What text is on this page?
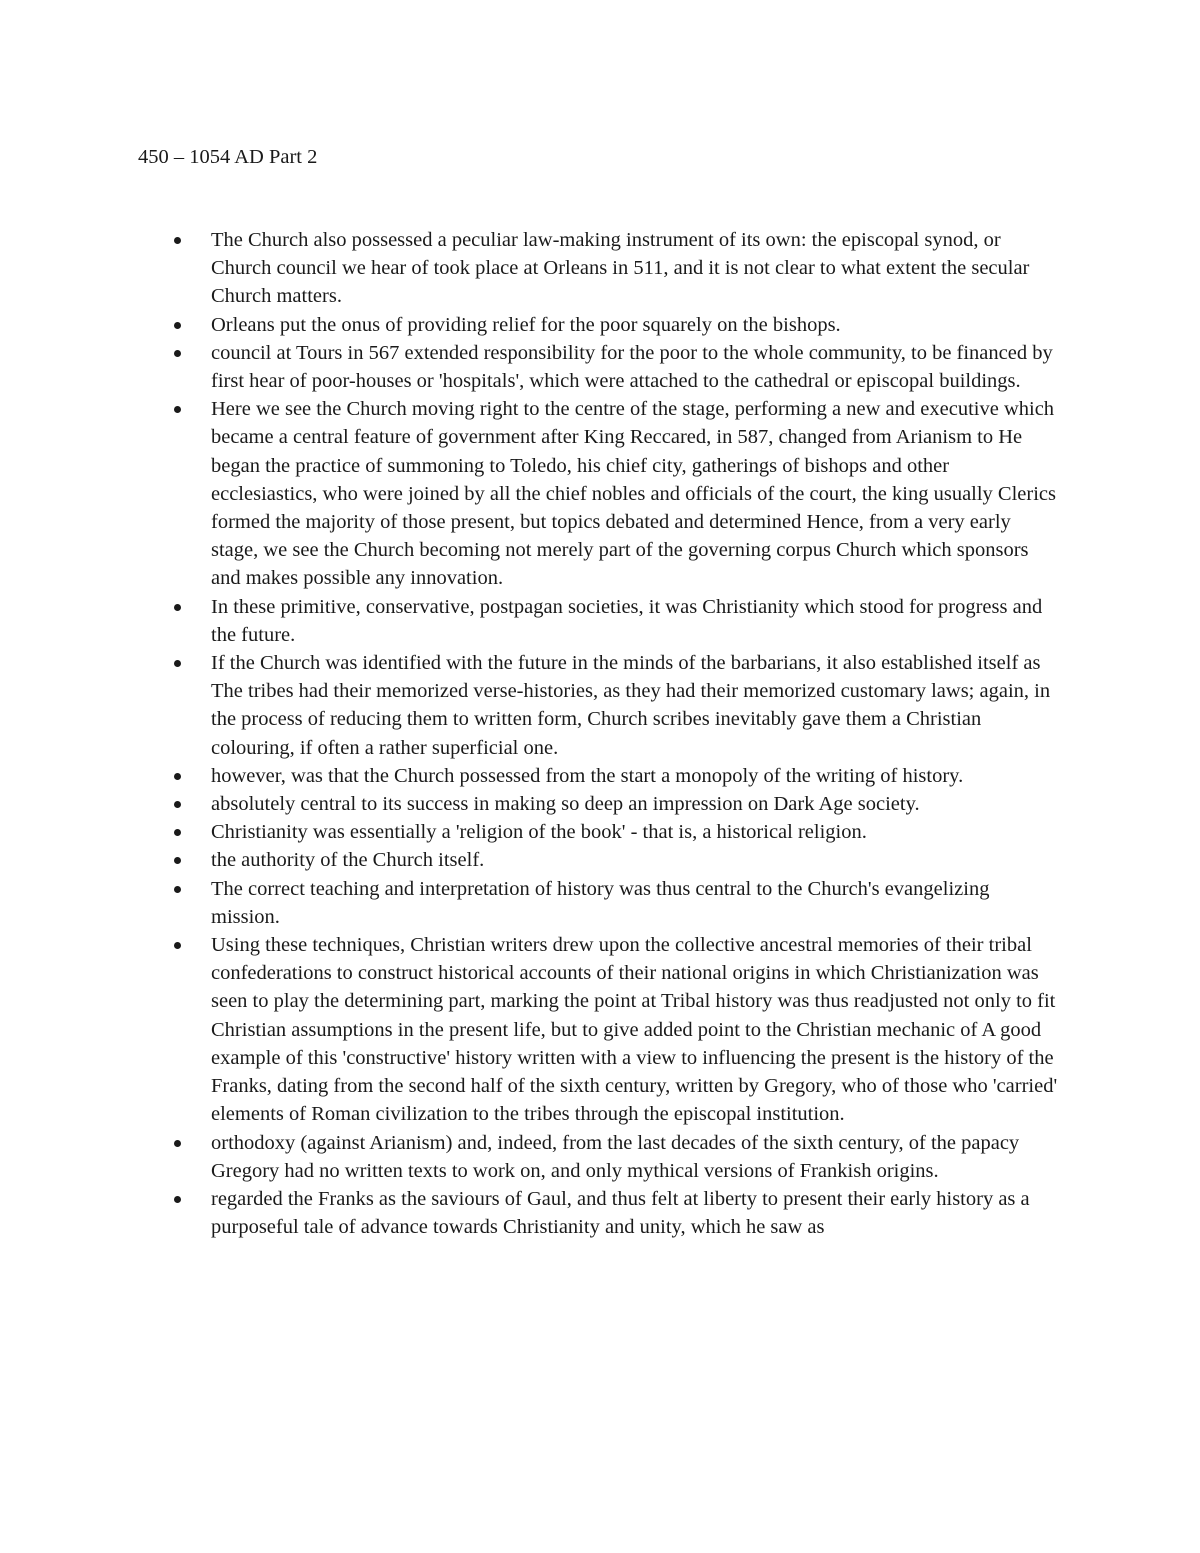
450 – 1054 AD Part 2
The Church also possessed a peculiar law-making instrument of its own: the episcopal synod, or Church council we hear of took place at Orleans in 511, and it is not clear to what extent the secular Church matters.
Orleans put the onus of providing relief for the poor squarely on the bishops.
council at Tours in 567 extended responsibility for the poor to the whole community, to be financed by first hear of poor-houses or 'hospitals', which were attached to the cathedral or episcopal buildings.
Here we see the Church moving right to the centre of the stage, performing a new and executive which became a central feature of government after King Reccared, in 587, changed from Arianism to He began the practice of summoning to Toledo, his chief city, gatherings of bishops and other ecclesiastics, who were joined by all the chief nobles and officials of the court, the king usually Clerics formed the majority of those present, but topics debated and determined Hence, from a very early stage, we see the Church becoming not merely part of the governing corpus Church which sponsors and makes possible any innovation.
In these primitive, conservative, postpagan societies, it was Christianity which stood for progress and the future.
If the Church was identified with the future in the minds of the barbarians, it also established itself as The tribes had their memorized verse-histories, as they had their memorized customary laws; again, in the process of reducing them to written form, Church scribes inevitably gave them a Christian colouring, if often a rather superficial one.
however, was that the Church possessed from the start a monopoly of the writing of history.
absolutely central to its success in making so deep an impression on Dark Age society.
Christianity was essentially a 'religion of the book' - that is, a historical religion.
the authority of the Church itself.
The correct teaching and interpretation of history was thus central to the Church's evangelizing mission.
Using these techniques, Christian writers drew upon the collective ancestral memories of their tribal confederations to construct historical accounts of their national origins in which Christianization was seen to play the determining part, marking the point at Tribal history was thus readjusted not only to fit Christian assumptions in the present life, but to give added point to the Christian mechanic of A good example of this 'constructive' history written with a view to influencing the present is the history of the Franks, dating from the second half of the sixth century, written by Gregory, who of those who 'carried' elements of Roman civilization to the tribes through the episcopal institution.
orthodoxy (against Arianism) and, indeed, from the last decades of the sixth century, of the papacy Gregory had no written texts to work on, and only mythical versions of Frankish origins.
regarded the Franks as the saviours of Gaul, and thus felt at liberty to present their early history as a purposeful tale of advance towards Christianity and unity, which he saw as
